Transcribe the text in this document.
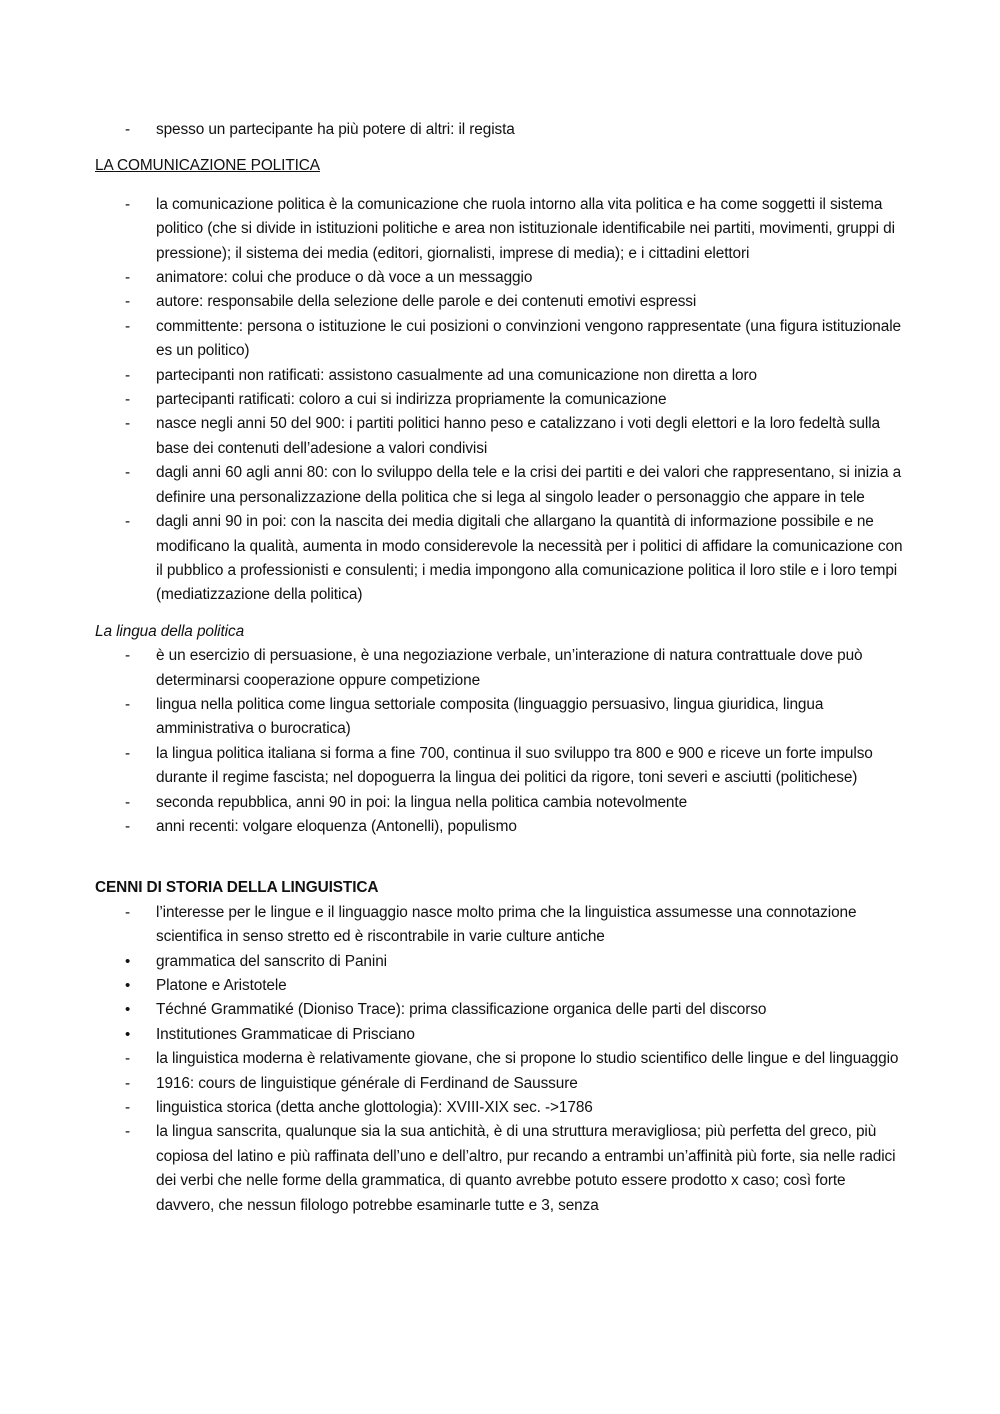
-	spesso un partecipante ha più potere di altri: il regista
LA COMUNICAZIONE POLITICA
-	la comunicazione politica è la comunicazione che ruola intorno alla vita politica e ha come soggetti il sistema politico (che si divide in istituzioni politiche e area non istituzionale identificabile nei partiti, movimenti, gruppi di pressione); il sistema dei media (editori, giornalisti, imprese di media); e i cittadini elettori
-	animatore: colui che produce o dà voce a un messaggio
-	autore: responsabile della selezione delle parole e dei contenuti emotivi espressi
-	committente: persona o istituzione le cui posizioni o convinzioni vengono rappresentate (una figura istituzionale es un politico)
-	partecipanti non ratificati: assistono casualmente ad una comunicazione non diretta a loro
-	partecipanti ratificati: coloro a cui si indirizza propriamente la comunicazione
-	nasce negli anni 50 del 900: i partiti politici hanno peso e catalizzano i voti degli elettori e la loro fedeltà sulla base dei contenuti dell’adesione a valori condivisi
-	dagli anni 60 agli anni 80: con lo sviluppo della tele e la crisi dei partiti e dei valori che rappresentano, si inizia a definire una personalizzazione della politica che si lega al singolo leader o personaggio che appare in tele
-	dagli anni 90 in poi: con la nascita dei media digitali che allargano la quantità di informazione possibile e ne modificano la qualità, aumenta in modo considerevole la necessità per i politici di affidare la comunicazione con il pubblico a professionisti e consulenti; i media impongono alla comunicazione politica il loro stile e i loro tempi (mediatizzazione della politica)
La lingua della politica
-	è un esercizio di persuasione, è una negoziazione verbale, un’interazione di natura contrattuale dove può determinarsi cooperazione oppure competizione
-	lingua nella politica come lingua settoriale composita (linguaggio persuasivo, lingua giuridica, lingua amministrativa o burocratica)
-	la lingua politica italiana si forma a fine 700, continua il suo sviluppo tra 800 e 900 e riceve un forte impulso durante il regime fascista; nel dopoguerra la lingua dei politici da rigore, toni severi e asciutti (politichese)
-	seconda repubblica, anni 90 in poi: la lingua nella politica cambia notevolmente
-	anni recenti: volgare eloquenza (Antonelli), populismo
CENNI DI STORIA DELLA LINGUISTICA
-	l’interesse per le lingue e il linguaggio nasce molto prima che la linguistica assumesse una connotazione scientifica in senso stretto ed è riscontrabile in varie culture antiche
•	grammatica del sanscrito di Panini
•	Platone e Aristotele
•	Téchné Grammatiké (Dioniso Trace): prima classificazione organica delle parti del discorso
•	Institutiones Grammaticae di Prisciano
-	la linguistica moderna è relativamente giovane, che si propone lo studio scientifico delle lingue e del linguaggio
-	1916: cours de linguistique générale di Ferdinand de Saussure
-	linguistica storica (detta anche glottologia): XVIII-XIX sec. ->1786
-	la lingua sanscrita, qualunque sia la sua antichità, è di una struttura meravigliosa; più perfetta del greco, più copiosa del latino e più raffinata dell’uno e dell’altro, pur recando a entrambi un’affinità più forte, sia nelle radici dei verbi che nelle forme della grammatica, di quanto avrebbe potuto essere prodotto x caso; così forte davvero, che nessun filologo potrebbe esaminarle tutte e 3, senza
